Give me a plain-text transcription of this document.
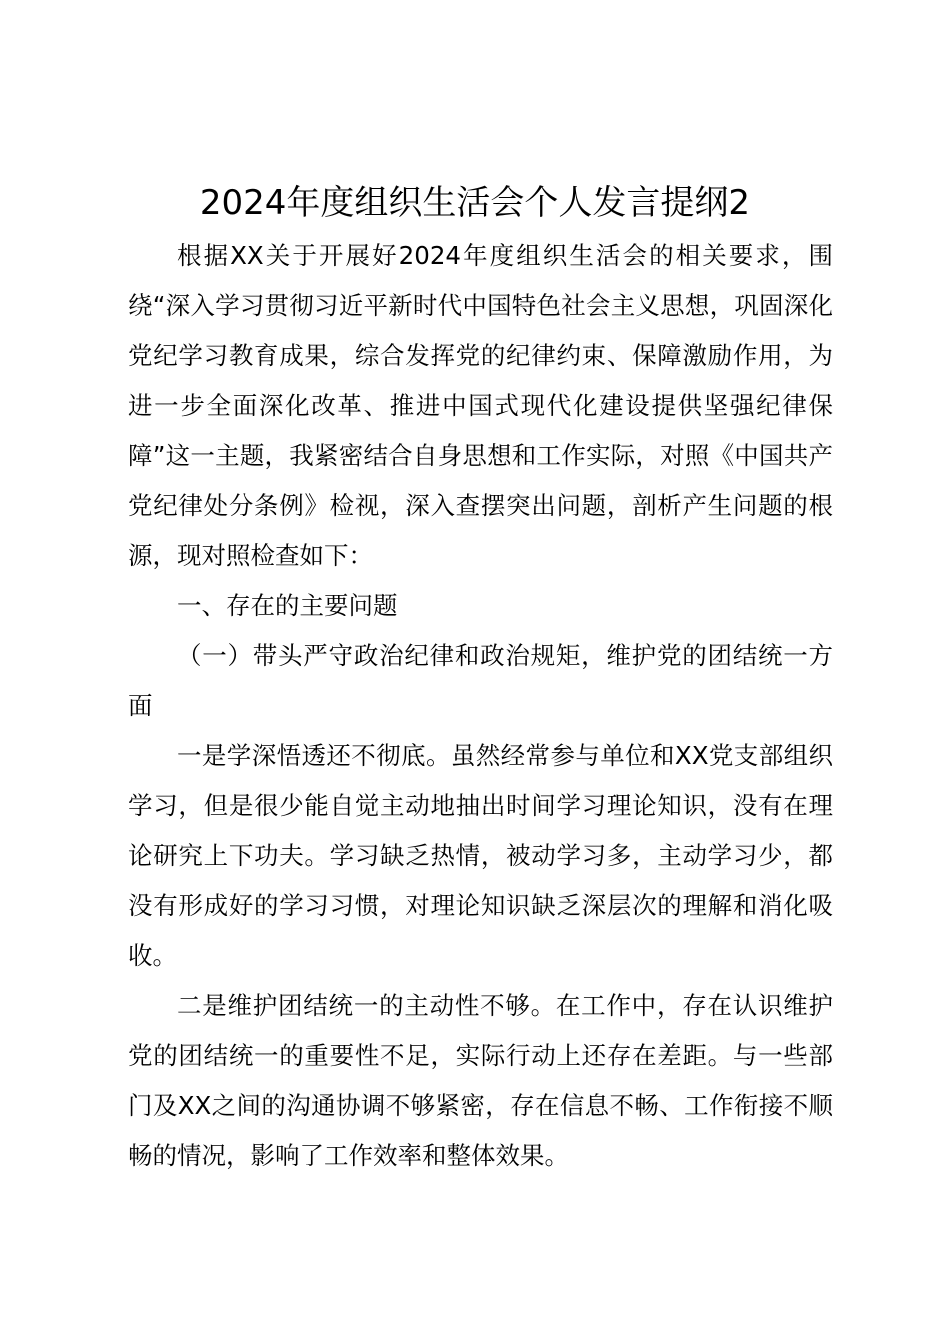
2024年度组织生活会个人发言提纲2

根据XX关于开展好2024年度组织生活会的相关要求，围绕“深入学习贯彻习近平新时代中国特色社会主义思想，巩固深化党纪学习教育成果，综合发挥党的纪律约束、保障激励作用，为进一步全面深化改革、推进中国式现代化建设提供坚强纪律保障”这一主题，我紧密结合自身思想和工作实际，对照《中国共产党纪律处分条例》检视，深入查摆突出问题，剖析产生问题的根源，现对照检查如下：

一、存在的主要问题

（一）带头严守政治纪律和政治规矩，维护党的团结统一方面

一是学深悟透还不彻底。虽然经常参与单位和XX党支部组织学习，但是很少能自觉主动地抽出时间学习理论知识，没有在理论研究上下功夫。学习缺乏热情，被动学习多，主动学习少，都没有形成好的学习习惯，对理论知识缺乏深层次的理解和消化吸收。

二是维护团结统一的主动性不够。在工作中，存在认识维护党的团结统一的重要性不足，实际行动上还存在差距。与一些部门及XX之间的沟通协调不够紧密，存在信息不畅、工作衔接不顺畅的情况，影响了工作效率和整体效果。
